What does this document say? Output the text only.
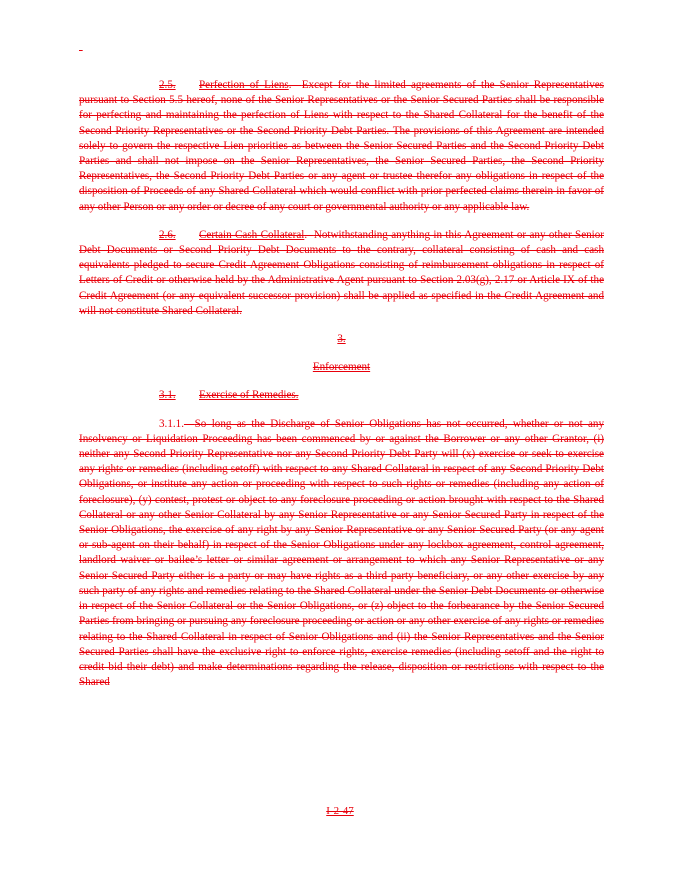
-

2.5. Perfection of Liens.  Except for the limited agreements of the Senior Representatives pursuant to Section 5.5 hereof, none of the Senior Representatives or the Senior Secured Parties shall be responsible for perfecting and maintaining the perfection of Liens with respect to the Shared Collateral for the benefit of the Second Priority Representatives or the Second Priority Debt Parties. The provisions of this Agreement are intended solely to govern the respective Lien priorities as between the Senior Secured Parties and the Second Priority Debt Parties and shall not impose on the Senior Representatives, the Senior Secured Parties, the Second Priority Representatives, the Second Priority Debt Parties or any agent or trustee therefor any obligations in respect of the disposition of Proceeds of any Shared Collateral which would conflict with prior perfected claims therein in favor of any other Person or any order or decree of any court or governmental authority or any applicable law.

2.6. Certain Cash Collateral.  Notwithstanding anything in this Agreement or any other Senior Debt Documents or Second Priority Debt Documents to the contrary, collateral consisting of cash and cash equivalents pledged to secure Credit Agreement Obligations consisting of reimbursement obligations in respect of Letters of Credit or otherwise held by the Administrative Agent pursuant to Section 2.03(g), 2.17 or Article IX of the Credit Agreement (or any equivalent successor provision) shall be applied as specified in the Credit Agreement and will not constitute Shared Collateral.

3.

Enforcement

3.1. Exercise of Remedies.

3.1.1. So long as the Discharge of Senior Obligations has not occurred, whether or not any Insolvency or Liquidation Proceeding has been commenced by or against the Borrower or any other Grantor, (i) neither any Second Priority Representative nor any Second Priority Debt Party will (x) exercise or seek to exercise any rights or remedies (including setoff) with respect to any Shared Collateral in respect of any Second Priority Debt Obligations, or institute any action or proceeding with respect to such rights or remedies (including any action of foreclosure), (y) contest, protest or object to any foreclosure proceeding or action brought with respect to the Shared Collateral or any other Senior Collateral by any Senior Representative or any Senior Secured Party in respect of the Senior Obligations, the exercise of any right by any Senior Representative or any Senior Secured Party (or any agent or sub-agent on their behalf) in respect of the Senior Obligations under any lockbox agreement, control agreement, landlord waiver or bailee’s letter or similar agreement or arrangement to which any Senior Representative or any Senior Secured Party either is a party or may have rights as a third party beneficiary, or any other exercise by any such party of any rights and remedies relating to the Shared Collateral under the Senior Debt Documents or otherwise in respect of the Senior Collateral or the Senior Obligations, or (z) object to the forbearance by the Senior Secured Parties from bringing or pursuing any foreclosure proceeding or action or any other exercise of any rights or remedies relating to the Shared Collateral in respect of Senior Obligations and (ii) the Senior Representatives and the Senior Secured Parties shall have the exclusive right to enforce rights, exercise remedies (including setoff and the right to credit bid their debt) and make determinations regarding the release, disposition or restrictions with respect to the Shared

I-2-47
